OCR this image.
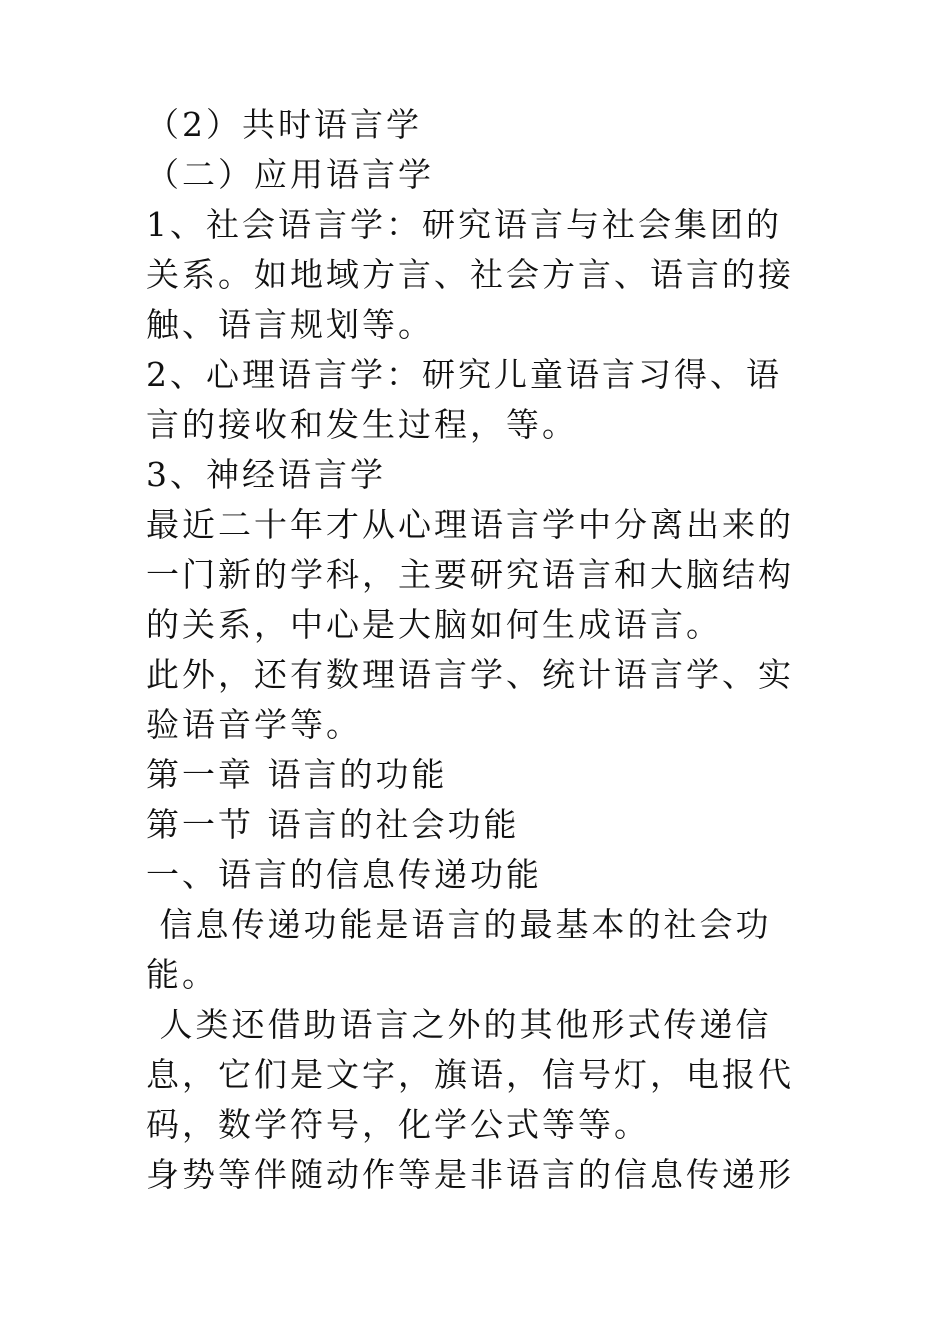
（2）共时语言学

（二）应用语言学

1、社会语言学：研究语言与社会集团的关系。如地域方言、社会方言、语言的接触、语言规划等。

2、心理语言学：研究儿童语言习得、语言的接收和发生过程，等。

3、神经语言学

最近二十年才从心理语言学中分离出来的一门新的学科，主要研究语言和大脑结构的关系，中心是大脑如何生成语言。

此外，还有数理语言学、统计语言学、实验语音学等。

第一章 语言的功能

第一节 语言的社会功能

一、语言的信息传递功能

信息传递功能是语言的最基本的社会功能。

人类还借助语言之外的其他形式传递信息，它们是文字，旗语，信号灯，电报代码，数学符号，化学公式等等。

身势等伴随动作等是非语言的信息传递形
